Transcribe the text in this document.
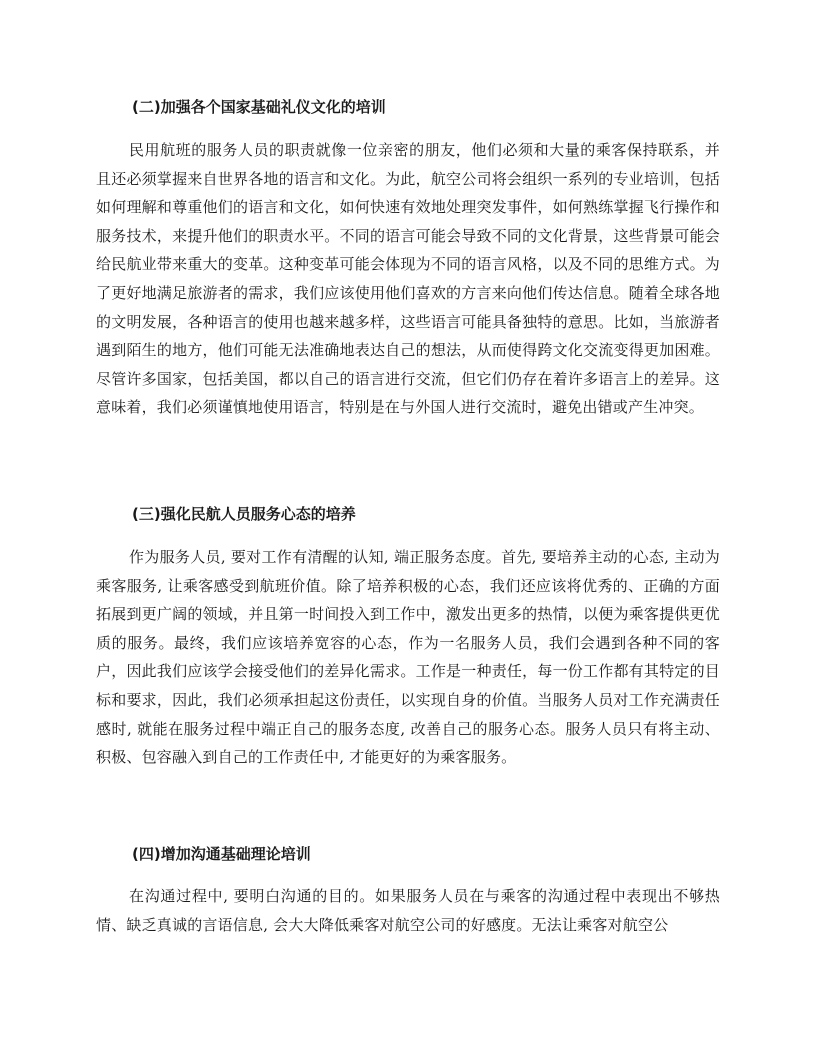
(二)加强各个国家基础礼仪文化的培训

民用航班的服务人员的职责就像一位亲密的朋友，他们必须和大量的乘客保持联系，并且还必须掌握来自世界各地的语言和文化。为此，航空公司将会组织一系列的专业培训，包括如何理解和尊重他们的语言和文化，如何快速有效地处理突发事件，如何熟练掌握飞行操作和服务技术，来提升他们的职责水平。不同的语言可能会导致不同的文化背景，这些背景可能会给民航业带来重大的变革。这种变革可能会体现为不同的语言风格，以及不同的思维方式。为了更好地满足旅游者的需求，我们应该使用他们喜欢的方言来向他们传达信息。随着全球各地的文明发展，各种语言的使用也越来越多样，这些语言可能具备独特的意思。比如，当旅游者遇到陌生的地方，他们可能无法准确地表达自己的想法，从而使得跨文化交流变得更加困难。尽管许多国家，包括美国，都以自己的语言进行交流，但它们仍存在着许多语言上的差异。这意味着，我们必须谨慎地使用语言，特别是在与外国人进行交流时，避免出错或产生冲突。

(三)强化民航人员服务心态的培养

作为服务人员, 要对工作有清醒的认知, 端正服务态度。首先, 要培养主动的心态, 主动为乘客服务, 让乘客感受到航班价值。除了培养积极的心态，我们还应该将优秀的、正确的方面拓展到更广阔的领域，并且第一时间投入到工作中，激发出更多的热情，以便为乘客提供更优质的服务。最终，我们应该培养宽容的心态，作为一名服务人员，我们会遇到各种不同的客户，因此我们应该学会接受他们的差异化需求。工作是一种责任，每一份工作都有其特定的目标和要求，因此，我们必须承担起这份责任，以实现自身的价值。当服务人员对工作充满责任感时, 就能在服务过程中端正自己的服务态度, 改善自己的服务心态。服务人员只有将主动、积极、包容融入到自己的工作责任中, 才能更好的为乘客服务。

(四)增加沟通基础理论培训

在沟通过程中, 要明白沟通的目的。如果服务人员在与乘客的沟通过程中表现出不够热情、缺乏真诚的言语信息, 会大大降低乘客对航空公司的好感度。无法让乘客对航空公
